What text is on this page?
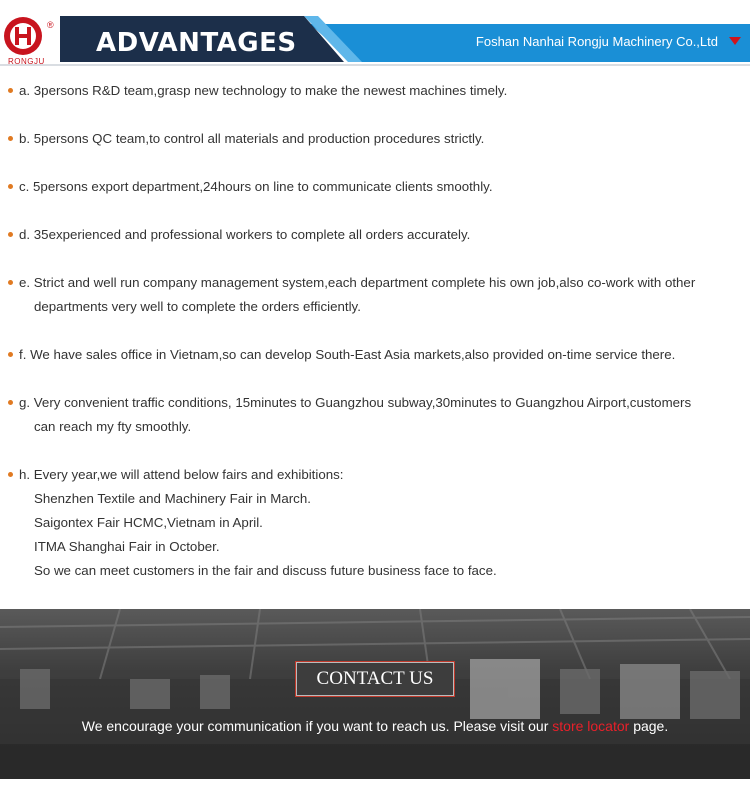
®
RONGJU
ADVANTAGES	Foshan Nanhai Rongju Machinery Co.,Ltd
a. 3persons R&D team,grasp new technology to make the newest machines timely.
b. 5persons QC team,to control all materials and production procedures strictly.
c. 5persons export department,24hours on line to communicate clients smoothly.
d. 35experienced and professional workers to complete all orders accurately.
e. Strict and well run company management system,each department complete his own job,also co-work with other
departments very well to complete the orders efficiently.
f. We have sales office in Vietnam,so can develop South-East Asia markets,also provided on-time service there.
g. Very convenient traffic conditions, 15minutes to Guangzhou subway,30minutes to Guangzhou Airport,customers
can reach my fty smoothly.
h. Every year,we will attend below fairs and exhibitions:
Shenzhen Textile and Machinery Fair in March.
Saigontex Fair HCMC,Vietnam in April.
ITMA Shanghai Fair in October.
So we can meet customers in the fair and discuss future business face to face.
CONTACT US
We encourage your communication if you want to reach us. Please visit our store locator page.
